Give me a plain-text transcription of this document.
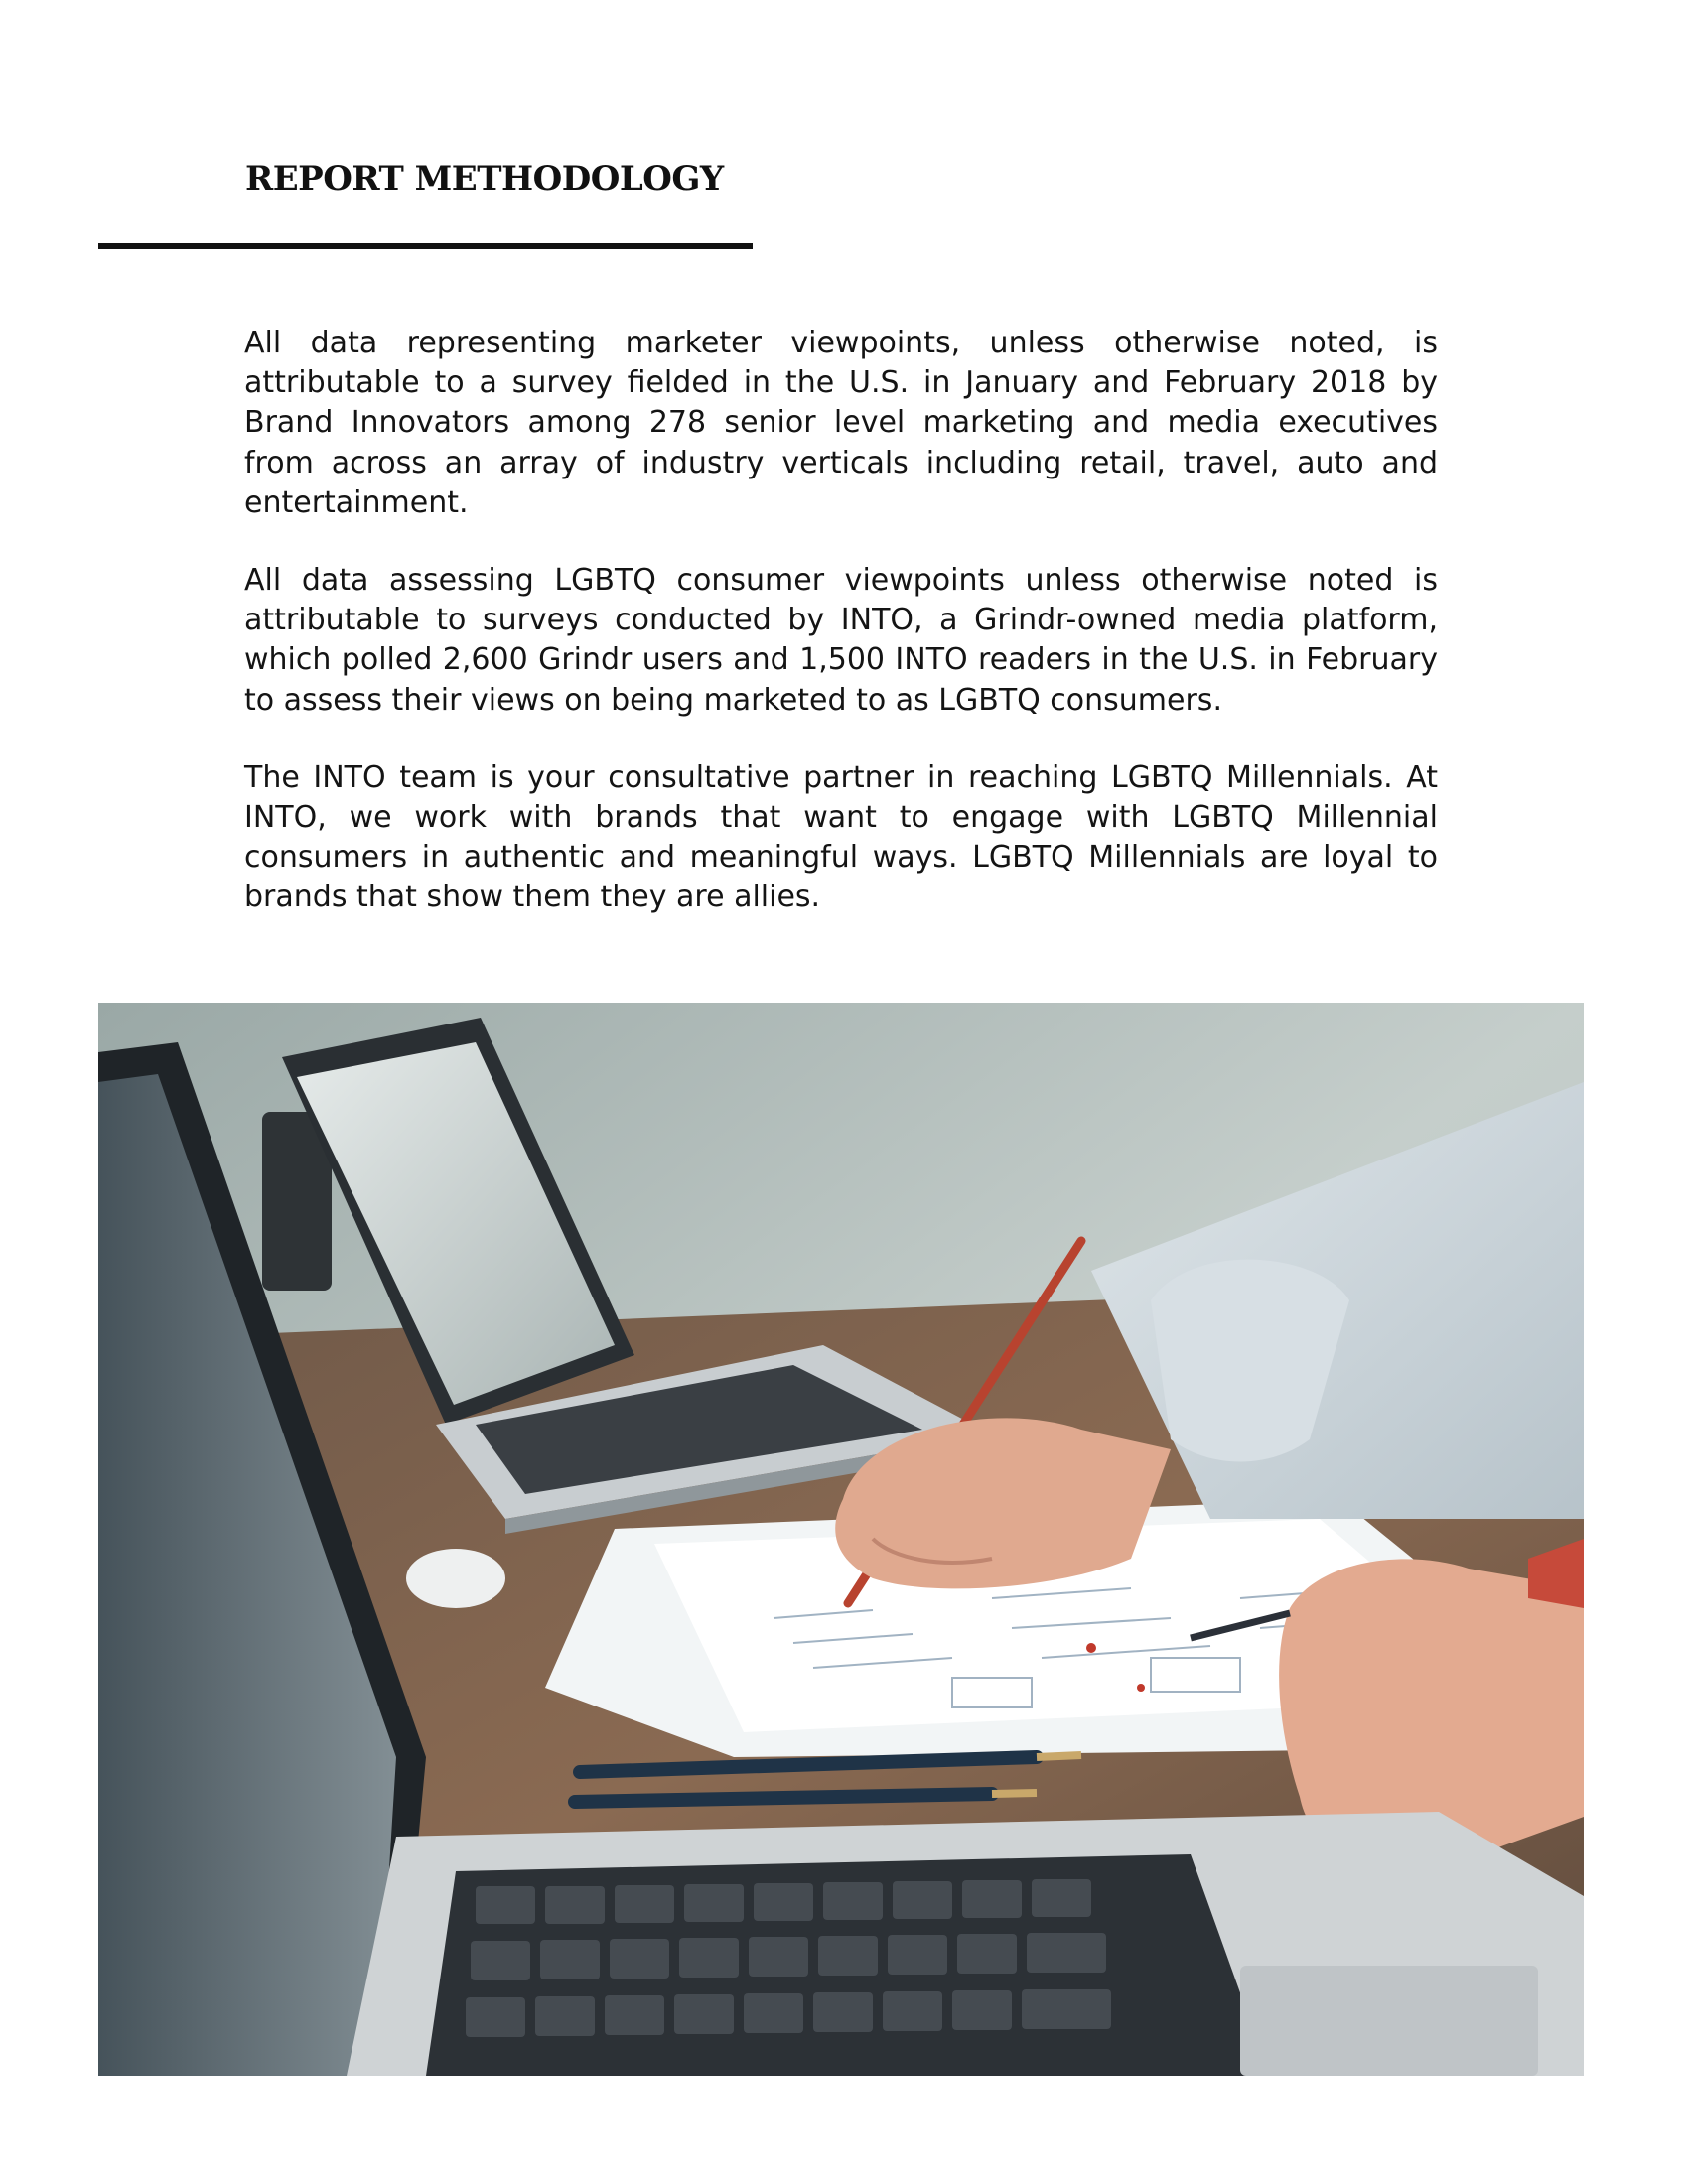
REPORT METHODOLOGY

All data representing marketer viewpoints, unless otherwise noted, is attributable to a survey fielded in the U.S. in January and February 2018 by Brand Innovators among 278 senior level marketing and media executives from across an array of industry verticals including retail, travel, auto and entertainment.

All data assessing LGBTQ consumer viewpoints unless otherwise noted is attributable to surveys conducted by INTO, a Grindr-owned media platform, which polled 2,600 Grindr users and 1,500 INTO readers in the U.S. in February to assess their views on being marketed to as LGBTQ consumers.

The INTO team is your consultative partner in reaching LGBTQ Millennials. At INTO, we work with brands that want to engage with LGBTQ Millennial consumers in authentic and meaningful ways. LGBTQ Millennials are loyal to brands that show them they are allies.
